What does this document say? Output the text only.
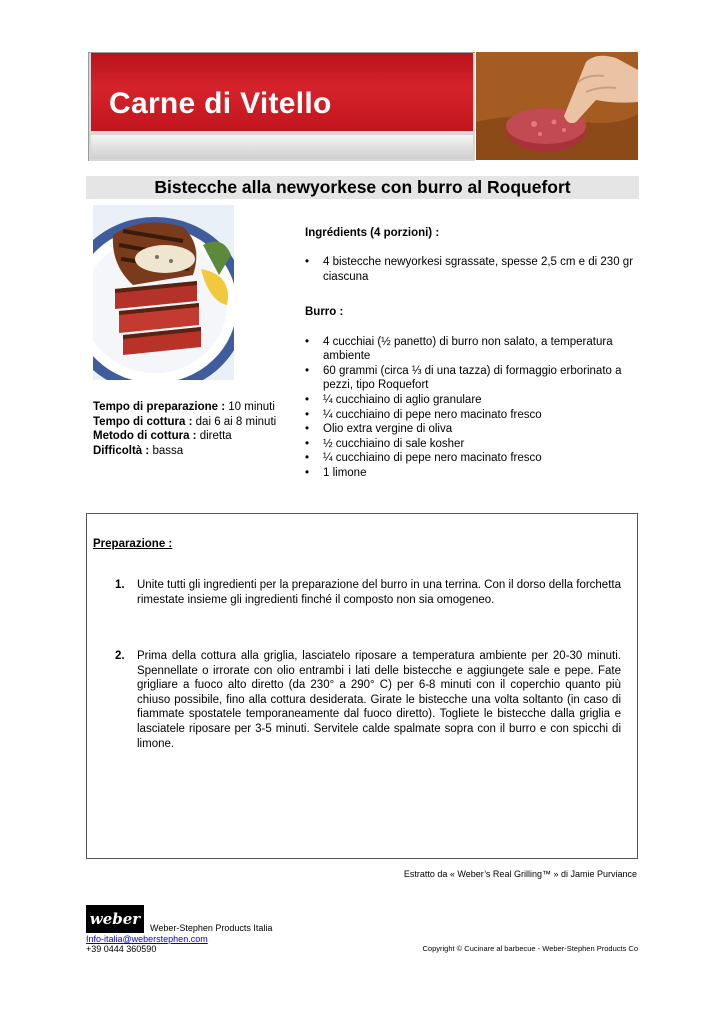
Carne di Vitello
Bistecche alla newyorkese con burro al Roquefort
Tempo di preparazione : 10 minuti
Tempo di cottura : dai 6 ai 8 minuti
Metodo di cottura : diretta
Difficoltà : bassa
Ingrédients (4 porzioni) :
• 4 bistecche newyorkesi sgrassate, spesse 2,5 cm e di 230 gr ciascuna
Burro :
• 4 cucchiai (½ panetto) di burro non salato, a temperatura ambiente
• 60 grammi (circa ⅓ di una tazza) di formaggio erborinato a pezzi, tipo Roquefort
• ¼ cucchiaino di aglio granulare
• ¼ cucchiaino di pepe nero macinato fresco
• Olio extra vergine di oliva
• ½ cucchiaino di sale kosher
• ¼ cucchiaino di pepe nero macinato fresco
• 1 limone
Preparazione :
1. Unite tutti gli ingredienti per la preparazione del burro in una terrina. Con il dorso della forchetta rimestate insieme gli ingredienti finché il composto non sia omogeneo.
2. Prima della cottura alla griglia, lasciatelo riposare a temperatura ambiente per 20-30 minuti. Spennellate o irrorate con olio entrambi i lati delle bistecche e aggiungete sale e pepe. Fate grigliare a fuoco alto diretto (da 230° a 290° C) per 6-8 minuti con il coperchio quanto più chiuso possibile, fino alla cottura desiderata. Girate le bistecche una volta soltanto (in caso di fiammate spostatele temporaneamente dal fuoco diretto). Togliete le bistecche dalla griglia e lasciatele riposare per 3-5 minuti. Servitele calde spalmate sopra con il burro e con spicchi di limone.
Estratto da « Weber’s Real Grilling™ » di Jamie Purviance
weber Weber-Stephen Products Italia
Info-italia@weberstephen.com
+39 0444 360590	Copyright © Cucinare al barbecue - Weber-Stephen Products Co
